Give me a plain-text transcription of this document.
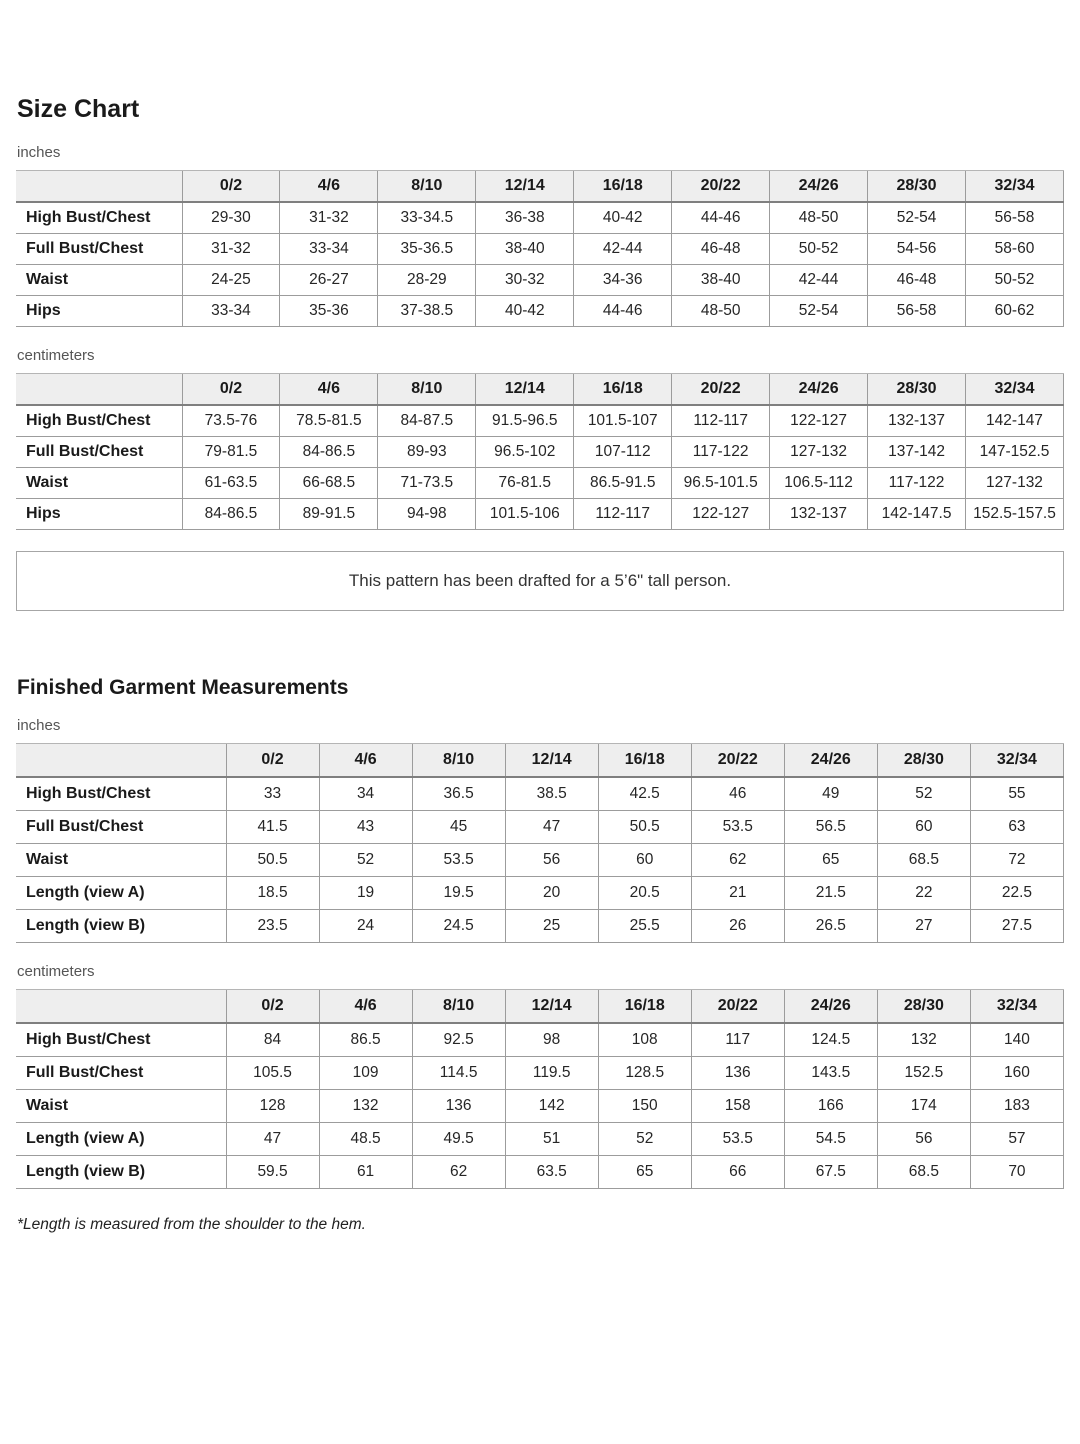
Size Chart
inches
	0/2	4/6	8/10	12/14	16/18	20/22	24/26	28/30	32/34
High Bust/Chest	29-30	31-32	33-34.5	36-38	40-42	44-46	48-50	52-54	56-58
Full Bust/Chest	31-32	33-34	35-36.5	38-40	42-44	46-48	50-52	54-56	58-60
Waist	24-25	26-27	28-29	30-32	34-36	38-40	42-44	46-48	50-52
Hips	33-34	35-36	37-38.5	40-42	44-46	48-50	52-54	56-58	60-62
centimeters
	0/2	4/6	8/10	12/14	16/18	20/22	24/26	28/30	32/34
High Bust/Chest	73.5-76	78.5-81.5	84-87.5	91.5-96.5	101.5-107	112-117	122-127	132-137	142-147
Full Bust/Chest	79-81.5	84-86.5	89-93	96.5-102	107-112	117-122	127-132	137-142	147-152.5
Waist	61-63.5	66-68.5	71-73.5	76-81.5	86.5-91.5	96.5-101.5	106.5-112	117-122	127-132
Hips	84-86.5	89-91.5	94-98	101.5-106	112-117	122-127	132-137	142-147.5	152.5-157.5
This pattern has been drafted for a 5’6" tall person.
Finished Garment Measurements
inches
	0/2	4/6	8/10	12/14	16/18	20/22	24/26	28/30	32/34
High Bust/Chest	33	34	36.5	38.5	42.5	46	49	52	55
Full Bust/Chest	41.5	43	45	47	50.5	53.5	56.5	60	63
Waist	50.5	52	53.5	56	60	62	65	68.5	72
Length (view A)	18.5	19	19.5	20	20.5	21	21.5	22	22.5
Length (view B)	23.5	24	24.5	25	25.5	26	26.5	27	27.5
centimeters
	0/2	4/6	8/10	12/14	16/18	20/22	24/26	28/30	32/34
High Bust/Chest	84	86.5	92.5	98	108	117	124.5	132	140
Full Bust/Chest	105.5	109	114.5	119.5	128.5	136	143.5	152.5	160
Waist	128	132	136	142	150	158	166	174	183
Length (view A)	47	48.5	49.5	51	52	53.5	54.5	56	57
Length (view B)	59.5	61	62	63.5	65	66	67.5	68.5	70

*Length is measured from the shoulder to the hem.
